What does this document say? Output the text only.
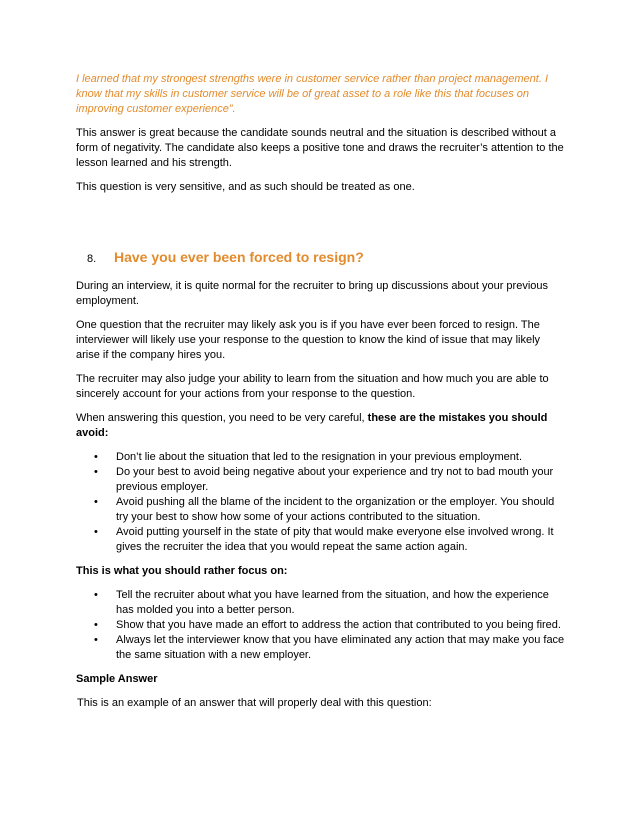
I learned that my strongest strengths were in customer service rather than project management. I know that my skills in customer service will be of great asset to a role like this that focuses on improving customer experience”.

This answer is great because the candidate sounds neutral and the situation is described without a form of negativity. The candidate also keeps a positive tone and draws the recruiter’s attention to the lesson learned and his strength.

This question is very sensitive, and as such should be treated as one.

8.	Have you ever been forced to resign?

During an interview, it is quite normal for the recruiter to bring up discussions about your previous employment.

One question that the recruiter may likely ask you is if you have ever been forced to resign. The interviewer will likely use your response to the question to know the kind of issue that may likely arise if the company hires you.

The recruiter may also judge your ability to learn from the situation and how much you are able to sincerely account for your actions from your response to the question.

When answering this question, you need to be very careful, these are the mistakes you should avoid:

• Don’t lie about the situation that led to the resignation in your previous employment.
• Do your best to avoid being negative about your experience and try not to bad mouth your previous employer.
• Avoid pushing all the blame of the incident to the organization or the employer. You should try your best to show how some of your actions contributed to the situation.
• Avoid putting yourself in the state of pity that would make everyone else involved wrong. It gives the recruiter the idea that you would repeat the same action again.

This is what you should rather focus on:

• Tell the recruiter about what you have learned from the situation, and how the experience has molded you into a better person.
• Show that you have made an effort to address the action that contributed to you being fired.
• Always let the interviewer know that you have eliminated any action that may make you face the same situation with a new employer.

Sample Answer

This is an example of an answer that will properly deal with this question:
